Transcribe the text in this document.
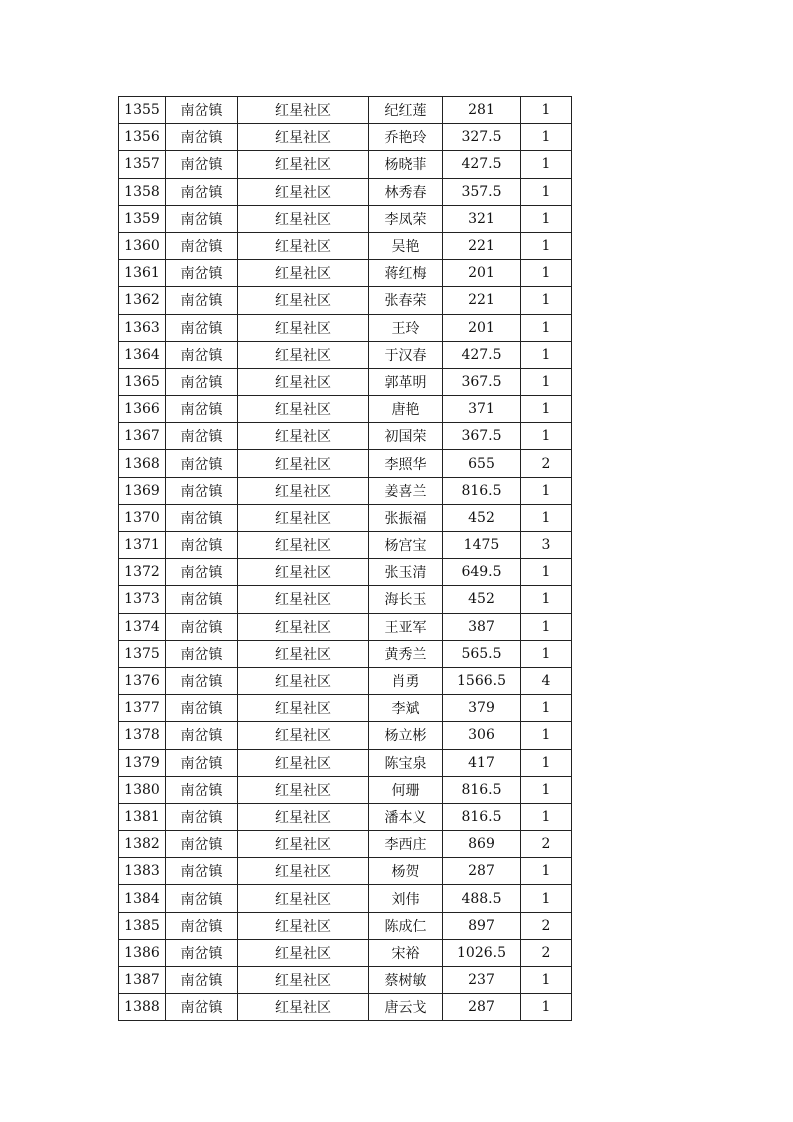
1355	南岔镇	红星社区	纪红莲	281	1
1356	南岔镇	红星社区	乔艳玲	327.5	1
1357	南岔镇	红星社区	杨晓菲	427.5	1
1358	南岔镇	红星社区	林秀春	357.5	1
1359	南岔镇	红星社区	李凤荣	321	1
1360	南岔镇	红星社区	吴艳	221	1
1361	南岔镇	红星社区	蒋红梅	201	1
1362	南岔镇	红星社区	张春荣	221	1
1363	南岔镇	红星社区	王玲	201	1
1364	南岔镇	红星社区	于汉春	427.5	1
1365	南岔镇	红星社区	郭革明	367.5	1
1366	南岔镇	红星社区	唐艳	371	1
1367	南岔镇	红星社区	初国荣	367.5	1
1368	南岔镇	红星社区	李照华	655	2
1369	南岔镇	红星社区	姜喜兰	816.5	1
1370	南岔镇	红星社区	张振福	452	1
1371	南岔镇	红星社区	杨宫宝	1475	3
1372	南岔镇	红星社区	张玉清	649.5	1
1373	南岔镇	红星社区	海长玉	452	1
1374	南岔镇	红星社区	王亚军	387	1
1375	南岔镇	红星社区	黄秀兰	565.5	1
1376	南岔镇	红星社区	肖勇	1566.5	4
1377	南岔镇	红星社区	李斌	379	1
1378	南岔镇	红星社区	杨立彬	306	1
1379	南岔镇	红星社区	陈宝泉	417	1
1380	南岔镇	红星社区	何珊	816.5	1
1381	南岔镇	红星社区	潘本义	816.5	1
1382	南岔镇	红星社区	李西庄	869	2
1383	南岔镇	红星社区	杨贺	287	1
1384	南岔镇	红星社区	刘伟	488.5	1
1385	南岔镇	红星社区	陈成仁	897	2
1386	南岔镇	红星社区	宋裕	1026.5	2
1387	南岔镇	红星社区	蔡树敏	237	1
1388	南岔镇	红星社区	唐云戈	287	1
